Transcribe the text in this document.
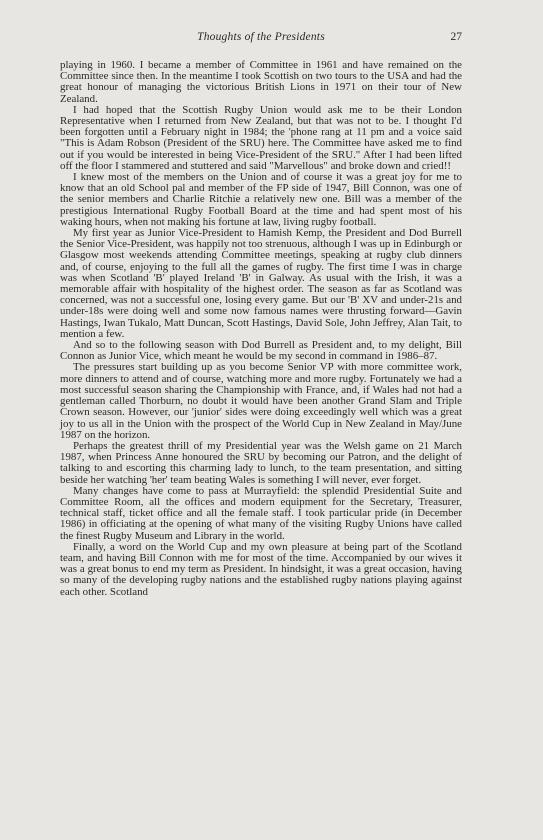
Thoughts of the Presidents	27

playing in 1960. I became a member of Committee in 1961 and have remained on the Committee since then. In the meantime I took Scottish on two tours to the USA and had the great honour of managing the victorious British Lions in 1971 on their tour of New Zealand.

I had hoped that the Scottish Rugby Union would ask me to be their London Representative when I returned from New Zealand, but that was not to be. I thought I'd been forgotten until a February night in 1984; the 'phone rang at 11 pm and a voice said "This is Adam Robson (President of the SRU) here. The Committee have asked me to find out if you would be interested in being Vice-President of the SRU." After I had been lifted off the floor I stammered and stuttered and said "Marvellous" and broke down and cried!!

I knew most of the members on the Union and of course it was a great joy for me to know that an old School pal and member of the FP side of 1947, Bill Connon, was one of the senior members and Charlie Ritchie a relatively new one. Bill was a member of the prestigious International Rugby Football Board at the time and had spent most of his waking hours, when not making his fortune at law, living rugby football.

My first year as Junior Vice-President to Hamish Kemp, the President and Dod Burrell the Senior Vice-President, was happily not too strenuous, although I was up in Edinburgh or Glasgow most weekends attending Committee meetings, speaking at rugby club dinners and, of course, enjoying to the full all the games of rugby. The first time I was in charge was when Scotland 'B' played Ireland 'B' in Galway. As usual with the Irish, it was a memorable affair with hospitality of the highest order. The season as far as Scotland was concerned, was not a successful one, losing every game. But our 'B' XV and under-21s and under-18s were doing well and some now famous names were thrusting forward—Gavin Hastings, Iwan Tukalo, Matt Duncan, Scott Hastings, David Sole, John Jeffrey, Alan Tait, to mention a few.

And so to the following season with Dod Burrell as President and, to my delight, Bill Connon as Junior Vice, which meant he would be my second in command in 1986–87.

The pressures start building up as you become Senior VP with more committee work, more dinners to attend and of course, watching more and more rugby. Fortunately we had a most successful season sharing the Championship with France, and, if Wales had not had a gentleman called Thorburn, no doubt it would have been another Grand Slam and Triple Crown season. However, our 'junior' sides were doing exceedingly well which was a great joy to us all in the Union with the prospect of the World Cup in New Zealand in May/June 1987 on the horizon.

Perhaps the greatest thrill of my Presidential year was the Welsh game on 21 March 1987, when Princess Anne honoured the SRU by becoming our Patron, and the delight of talking to and escorting this charming lady to lunch, to the team presentation, and sitting beside her watching 'her' team beating Wales is something I will never, ever forget.

Many changes have come to pass at Murrayfield: the splendid Presidential Suite and Committee Room, all the offices and modern equipment for the Secretary, Treasurer, technical staff, ticket office and all the female staff. I took particular pride (in December 1986) in officiating at the opening of what many of the visiting Rugby Unions have called the finest Rugby Museum and Library in the world.

Finally, a word on the World Cup and my own pleasure at being part of the Scotland team, and having Bill Connon with me for most of the time. Accompanied by our wives it was a great bonus to end my term as President. In hindsight, it was a great occasion, having so many of the developing rugby nations and the established rugby nations playing against each other. Scotland
